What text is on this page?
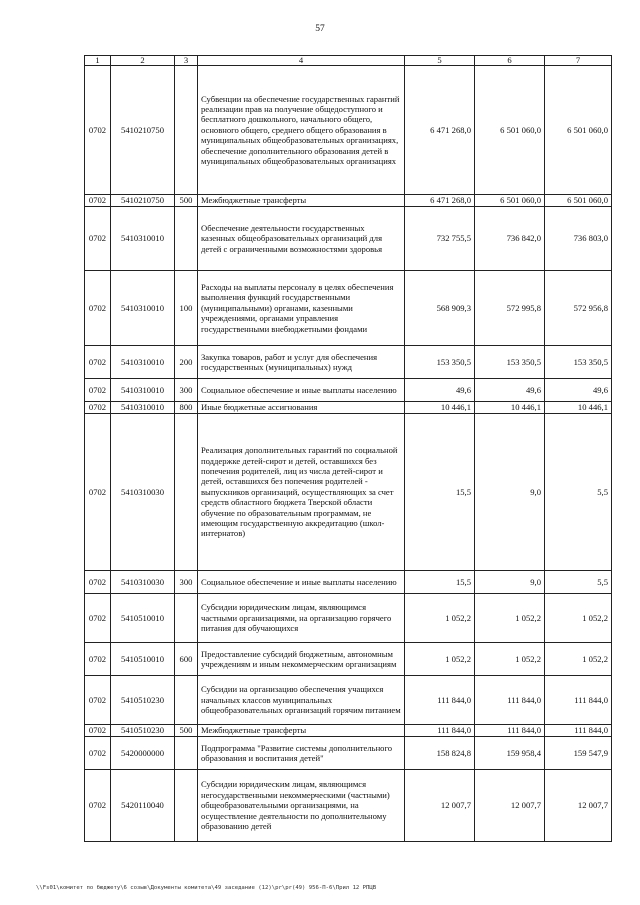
57
1	2	3	4	5	6	7
0702	5410210750		Субвенции на обеспечение государственных гарантий реализации прав на получение общедоступного и бесплатного дошкольного, начального общего, основного общего, среднего общего образования в муниципальных общеобразовательных организациях, обеспечение дополнительного образования детей в муниципальных общеобразовательных организациях	6 471 268,0	6 501 060,0	6 501 060,0
0702	5410210750	500	Межбюджетные трансферты	6 471 268,0	6 501 060,0	6 501 060,0
0702	5410310010		Обеспечение деятельности государственных казенных общеобразовательных организаций для детей с ограниченными возможностями здоровья	732 755,5	736 842,0	736 803,0
0702	5410310010	100	Расходы на выплаты персоналу в целях обеспечения выполнения функций государственными (муниципальными) органами, казенными учреждениями, органами управления государственными внебюджетными фондами	568 909,3	572 995,8	572 956,8
0702	5410310010	200	Закупка товаров, работ и услуг для обеспечения государственных (муниципальных) нужд	153 350,5	153 350,5	153 350,5
0702	5410310010	300	Социальное обеспечение и иные выплаты населению	49,6	49,6	49,6
0702	5410310010	800	Иные бюджетные ассигнования	10 446,1	10 446,1	10 446,1
0702	5410310030		Реализация дополнительных гарантий по социальной поддержке детей-сирот и детей, оставшихся без попечения родителей, лиц из числа детей-сирот и детей, оставшихся без попечения родителей - выпускников организаций, осуществляющих за счет средств областного бюджета Тверской области обучение по образовательным программам, не имеющим государственную аккредитацию (школ-интернатов)	15,5	9,0	5,5
0702	5410310030	300	Социальное обеспечение и иные выплаты населению	15,5	9,0	5,5
0702	5410510010		Субсидии юридическим лицам, являющимся частными организациями, на организацию горячего питания для обучающихся	1 052,2	1 052,2	1 052,2
0702	5410510010	600	Предоставление субсидий бюджетным, автономным учреждениям и иным некоммерческим организациям	1 052,2	1 052,2	1 052,2
0702	5410510230		Субсидии на организацию обеспечения учащихся начальных классов муниципальных общеобразовательных организаций горячим питанием	111 844,0	111 844,0	111 844,0
0702	5410510230	500	Межбюджетные трансферты	111 844,0	111 844,0	111 844,0
0702	5420000000		Подпрограмма "Развитие системы дополнительного образования и воспитания детей"	158 824,8	159 958,4	159 547,9
0702	5420110040		Субсидии юридическим лицам, являющимся негосударственными некоммерческими (частными) общеобразовательными организациями, на осуществление деятельности по дополнительному образованию детей	12 007,7	12 007,7	12 007,7
\\Fs01\комитет по бюджету\6 созыв\Документы комитета\49 заседание (12)\pr\pr(49) 956-П-6\Прил 12 РПЦВ
